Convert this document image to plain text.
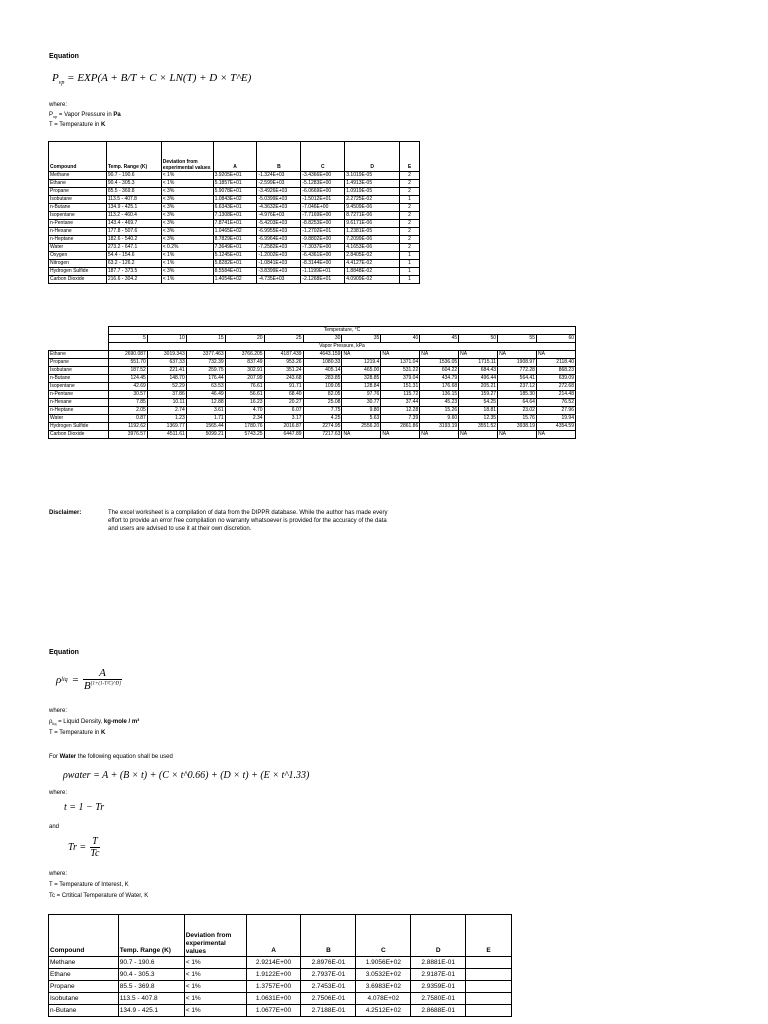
Equation
$P_{vp} = EXP(A + B/T + C \times LN(T) + D$ × T^E)
where:
$P_{vp}$ = Vapor Pressure in Pa
T = Temperature in K
Compound	Temp. Range (K)	Deviation from experimental values	A	B	C	D	E
Methane	90.7 - 190.6	< 1%	3.9205E+01	-1.324E+03	-3.4366E+00	3.1019E-05	2
Ethane	90.4 - 305.3	< 1%	5.1857E+01	-2.599E+03	-5.1283E+00	1.4913E-05	2
Propane	85.5 - 369.8	< 3%	5.9078E+01	-3.4926E+03	-6.0669E+00	1.0919E-05	2
Isobutane	113.5 - 407.8	< 3%	1.0843E+02	-5.0399E+03	-1.5012E+01	2.2725E-02	1
n-Butane	134.9 - 425.1	< 3%	6.6343E+01	-4.3632E+03	-7.046E+00	9.4509E-06	2
Isopentane	113.2 - 460.4	< 3%	7.1308E+01	-4.976E+03	-7.7169E+00	8.7271E-06	2
n-Pentane	143.4 - 469.7	< 3%	7.8741E+01	-5.4203E+03	-8.8253E+00	9.6171E-06	2
n-Hexane	177.8 - 507.6	< 3%	1.0465E+02	-6.9955E+03	-1.2702E+01	1.2381E-05	2
n-Heptane	182.6 - 540.2	< 3%	8.7829E+01	-6.9964E+03	-9.8802E+00	7.2099E-06	2
Water	273.2 - 647.1	< 0.2%	7.3649E+01	-7.2582E+03	-7.3037E+00	4.1653E-06	2
Oxygen	54.4 - 154.6	< 1%	5.1245E+01	-1.2002E+03	-6.4361E+00	2.8405E-02	1
Nitrogen	63.2 - 126.2	< 1%	5.8282E+01	-1.0841E+03	-8.3144E+00	4.4127E-02	1
Hydrogen Sulfide	187.7 - 373.5	< 3%	8.5584E+01	-3.8399E+03	-1.1199E+01	1.8848E-02	1
Carbon Dioxide	216.6 - 304.2	< 1%	1.4054E+02	-4.735E+03	-2.1268E+01	4.0909E-02	1
	Temperature, °C											
	5	10	15	20	25	30	35	40	45	50	55	60
	Vapor Pressure, kPa											
Ethane	2690.087	3019.343	3377.463	3766.205	4187.439	4643.159	NA	NA	NA	NA	NA	NA
Propane	551.70	637.33	732.39	837.49	953.26	1080.33	1219.4	1371.04	1536.05	1715.11	1908.97	2118.40
Isobutane	187.52	221.41	259.75	302.91	351.24	405.14	465.00	531.22	604.22	684.43	772.28	868.23
n-Butane	124.45	148.70	176.44	207.99	243.68	283.85	328.85	379.04	434.79	496.44	564.41	639.09
Isopentane	42.69	52.29	63.53	76.61	91.71	109.05	128.84	151.31	176.68	205.21	237.12	272.68
n-Pentane	30.57	37.86	46.49	56.61	68.40	82.05	97.76	115.72	136.15	159.27	185.30	214.48
n-Hexane	7.85	10.11	12.88	16.23	20.27	25.08	30.77	37.44	45.23	54.25	64.64	76.52
n-Heptane	2.05	2.74	3.61	4.70	6.07	7.75	9.80	12.28	15.26	18.81	23.02	27.96
Water	0.87	1.23	1.71	2.34	3.17	4.25	5.63	7.39	9.60	12.35	15.76	19.94
Hydrogen Sulfide	1192.62	1369.77	1565.44	1780.76	2016.87	2274.95	2556.20	2861.86	3193.19	3551.52	3938.19	4354.59
Carbon Dioxide	3976.57	4511.61	5099.21	5743.25	6447.89	7217.63	NA	NA	NA	NA	NA	NA
Disclaimer:	The excel worksheet is a compilation of data from the DIPPR database. While the author has made every
effort to provide an error free compilation no warranty whatsoever is provided for the accuracy of the data
and users are advised to use it at their own discretion.
Equation
ρ liq = $\frac{A}{B^{[1+(1-T/C)\^{}D]}}$
where:
$\rho_{liq}$ = Liquid Density, kg-mole / m³
T = Temperature in K
For Water the following equation shall be used
ρwater = A + (B × t) + (C × t^0.66) + (D × t) + (E × t^1.33)
where:
t = 1 − Tr
and
$Tr = \frac{T}{Tc}$
where:
T = Temperature of Interest, K
Tc = Crtitical Temperature of Water, K
Compound	Temp. Range (K)	Deviation from experimental values	A	B	C	D	E
Methane	90.7 - 190.6	< 1%	2.9214E+00	2.8976E-01	1.9056E+02	2.8881E-01	
Ethane	90.4 - 305.3	< 1%	1.9122E+00	2.7937E-01	3.0532E+02	2.9187E-01	
Propane	85.5 - 369.8	< 1%	1.3757E+00	2.7453E-01	3.6983E+02	2.9359E-01	
Isobutane	113.5 - 407.8	< 1%	1.0631E+00	2.7506E-01	4.078E+02	2.7580E-01	
n-Butane	134.9 - 425.1	< 1%	1.0677E+00	2.7188E-01	4.2512E+02	2.8688E-01	
